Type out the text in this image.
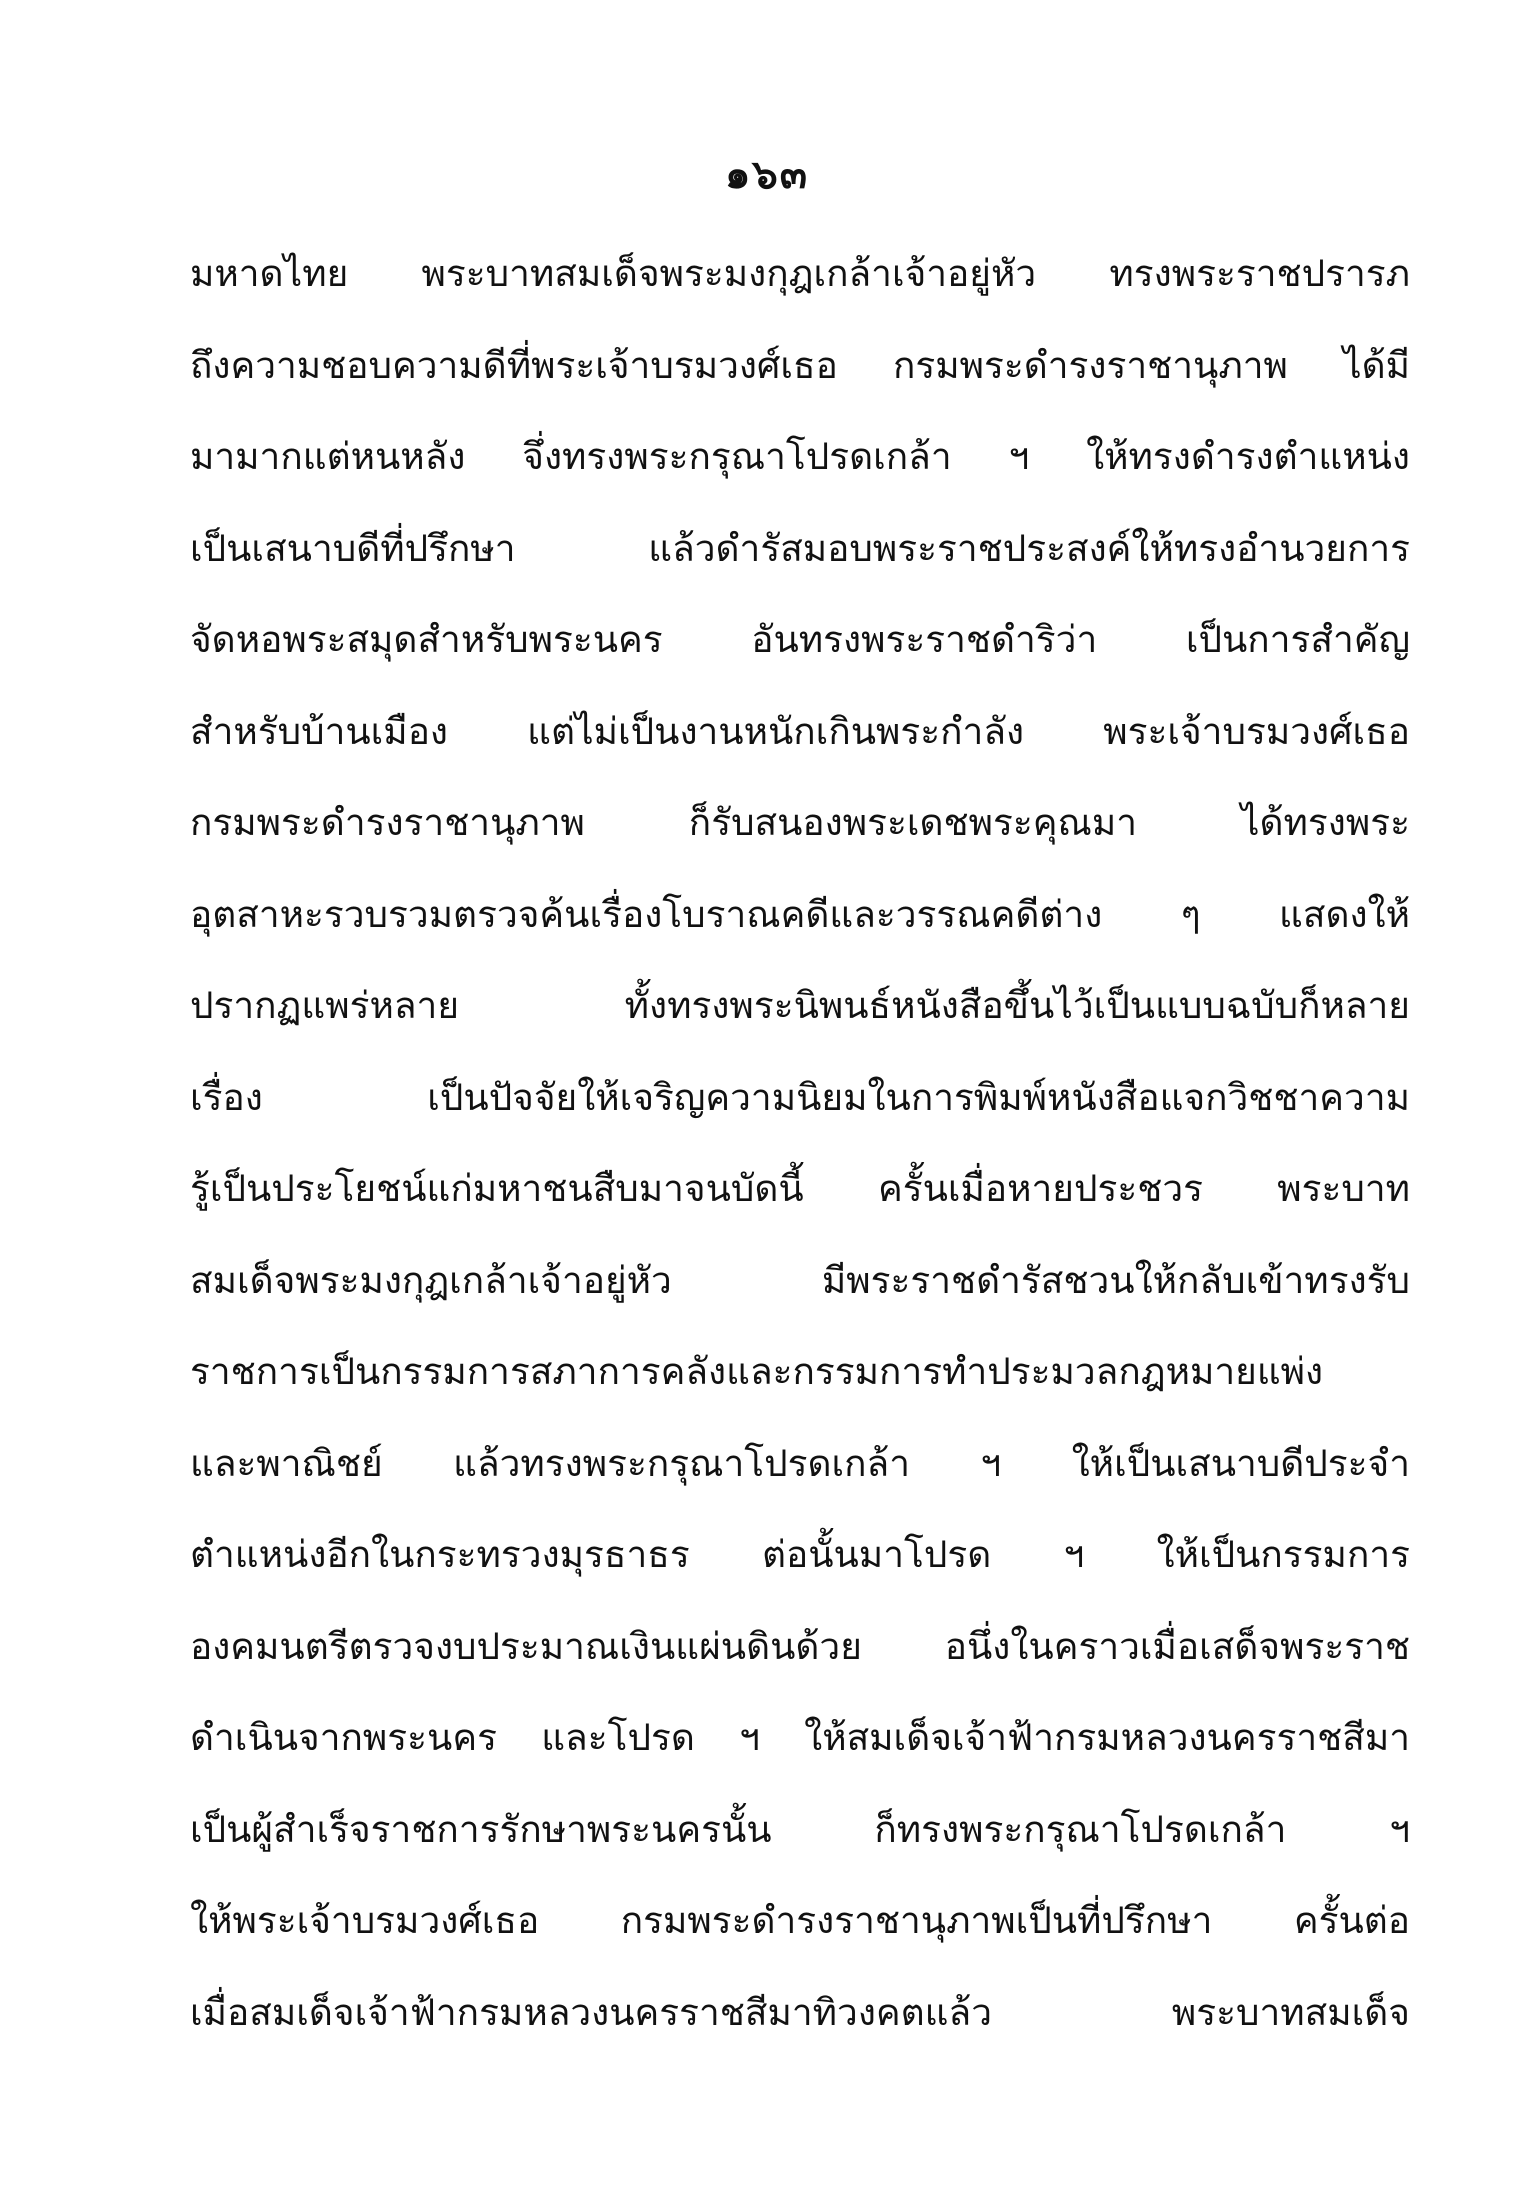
๑๖๓
มหาดไทย พระบาทสมเด็จพระมงกุฎเกล้าเจ้าอยู่หัว ทรงพระราชปรารภ
ถึงความชอบความดีที่พระเจ้าบรมวงศ์เธอ กรมพระดำรงราชานุภาพ ได้มี
มามากแต่หนหลัง จึ่งทรงพระกรุณาโปรดเกล้า ฯ ให้ทรงดำรงตำแหน่ง
เป็นเสนาบดีที่ปรึกษา แล้วดำรัสมอบพระราชประสงค์ให้ทรงอำนวยการ
จัดหอพระสมุดสำหรับพระนคร อันทรงพระราชดำริว่า เป็นการสำคัญ
สำหรับบ้านเมือง แต่ไม่เป็นงานหนักเกินพระกำลัง พระเจ้าบรมวงศ์เธอ
กรมพระดำรงราชานุภาพ ก็รับสนองพระเดชพระคุณมา ได้ทรงพระ
อุตสาหะรวบรวมตรวจค้นเรื่องโบราณคดีและวรรณคดีต่าง ๆ แสดงให้
ปรากฏแพร่หลาย ทั้งทรงพระนิพนธ์หนังสือขึ้นไว้เป็นแบบฉบับก็หลาย
เรื่อง เป็นปัจจัยให้เจริญความนิยมในการพิมพ์หนังสือแจกวิชชาความ
รู้เป็นประโยชน์แก่มหาชนสืบมาจนบัดนี้ ครั้นเมื่อหายประชวร พระบาท
สมเด็จพระมงกุฎเกล้าเจ้าอยู่หัว มีพระราชดำรัสชวนให้กลับเข้าทรงรับ
ราชการเป็นกรรมการสภาการคลังและกรรมการทำประมวลกฎหมายแพ่ง
และพาณิชย์ แล้วทรงพระกรุณาโปรดเกล้า ฯ ให้เป็นเสนาบดีประจำ
ตำแหน่งอีกในกระทรวงมุรธาธร ต่อนั้นมาโปรด ฯ ให้เป็นกรรมการ
องคมนตรีตรวจงบประมาณเงินแผ่นดินด้วย อนึ่งในคราวเมื่อเสด็จพระราช
ดำเนินจากพระนคร และโปรด ฯ ให้สมเด็จเจ้าฟ้ากรมหลวงนครราชสีมา
เป็นผู้สำเร็จราชการรักษาพระนครนั้น ก็ทรงพระกรุณาโปรดเกล้า ฯ
ให้พระเจ้าบรมวงศ์เธอ กรมพระดำรงราชานุภาพเป็นที่ปรึกษา ครั้นต่อ
เมื่อสมเด็จเจ้าฟ้ากรมหลวงนครราชสีมาทิวงคตแล้ว พระบาทสมเด็จ
